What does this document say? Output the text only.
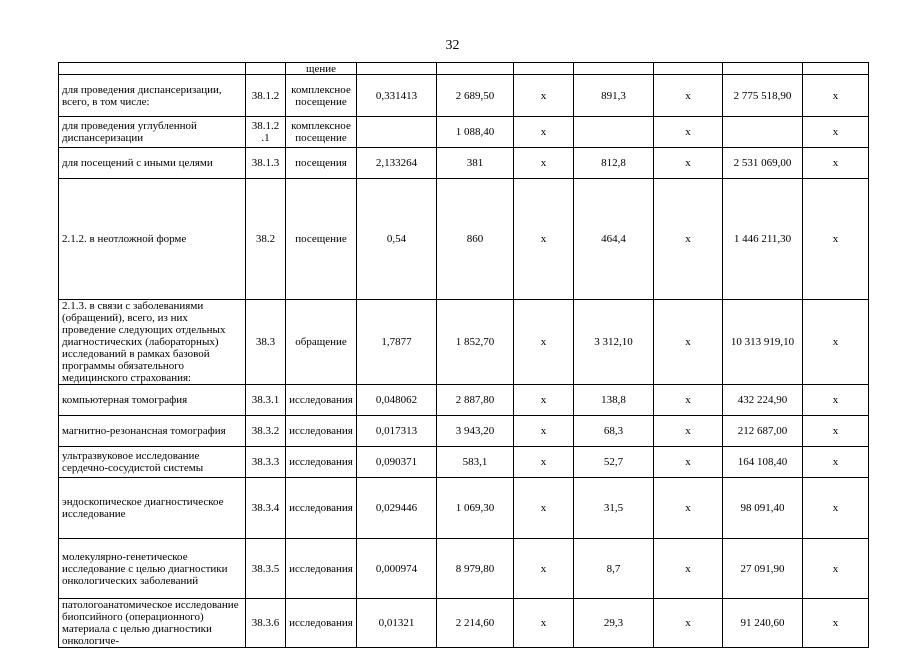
32
		щение							
для проведения диспансеризации, всего, в том числе:	38.1.2	комплексное посещение	0,331413	2 689,50	х	891,3	х	2 775 518,90	х
для проведения углубленной диспансеризации	38.1.2 .1	комплексное посещение		1 088,40	х		х		х
для посещений с иными целями	38.1.3	посещения	2,133264	381	х	812,8	х	2 531 069,00	х
2.1.2. в неотложной форме	38.2	посещение	0,54	860	х	464,4	х	1 446 211,30	х
2.1.3. в связи с заболеваниями (обращений), всего, из них проведение следующих отдельных диагностических (лабораторных) исследований в рамках базовой программы обязательного медицинского страхования:	38.3	обращение	1,7877	1 852,70	х	3 312,10	х	10 313 919,10	х
компьютерная томография	38.3.1	исследования	0,048062	2 887,80	х	138,8	х	432 224,90	х
магнитно-резонансная томография	38.3.2	исследования	0,017313	3 943,20	х	68,3	х	212 687,00	х
ультразвуковое исследование сердечно-сосудистой системы	38.3.3	исследования	0,090371	583,1	х	52,7	х	164 108,40	х
эндоскопическое диагностическое исследование	38.3.4	исследования	0,029446	1 069,30	х	31,5	х	98 091,40	х
молекулярно-генетическое исследование с целью диагностики онкологических заболеваний	38.3.5	исследования	0,000974	8 979,80	х	8,7	х	27 091,90	х
патологоанатомическое исследование биопсийного (операционного) материала с целью диагностики онкологиче-	38.3.6	исследования	0,01321	2 214,60	х	29,3	х	91 240,60	х
